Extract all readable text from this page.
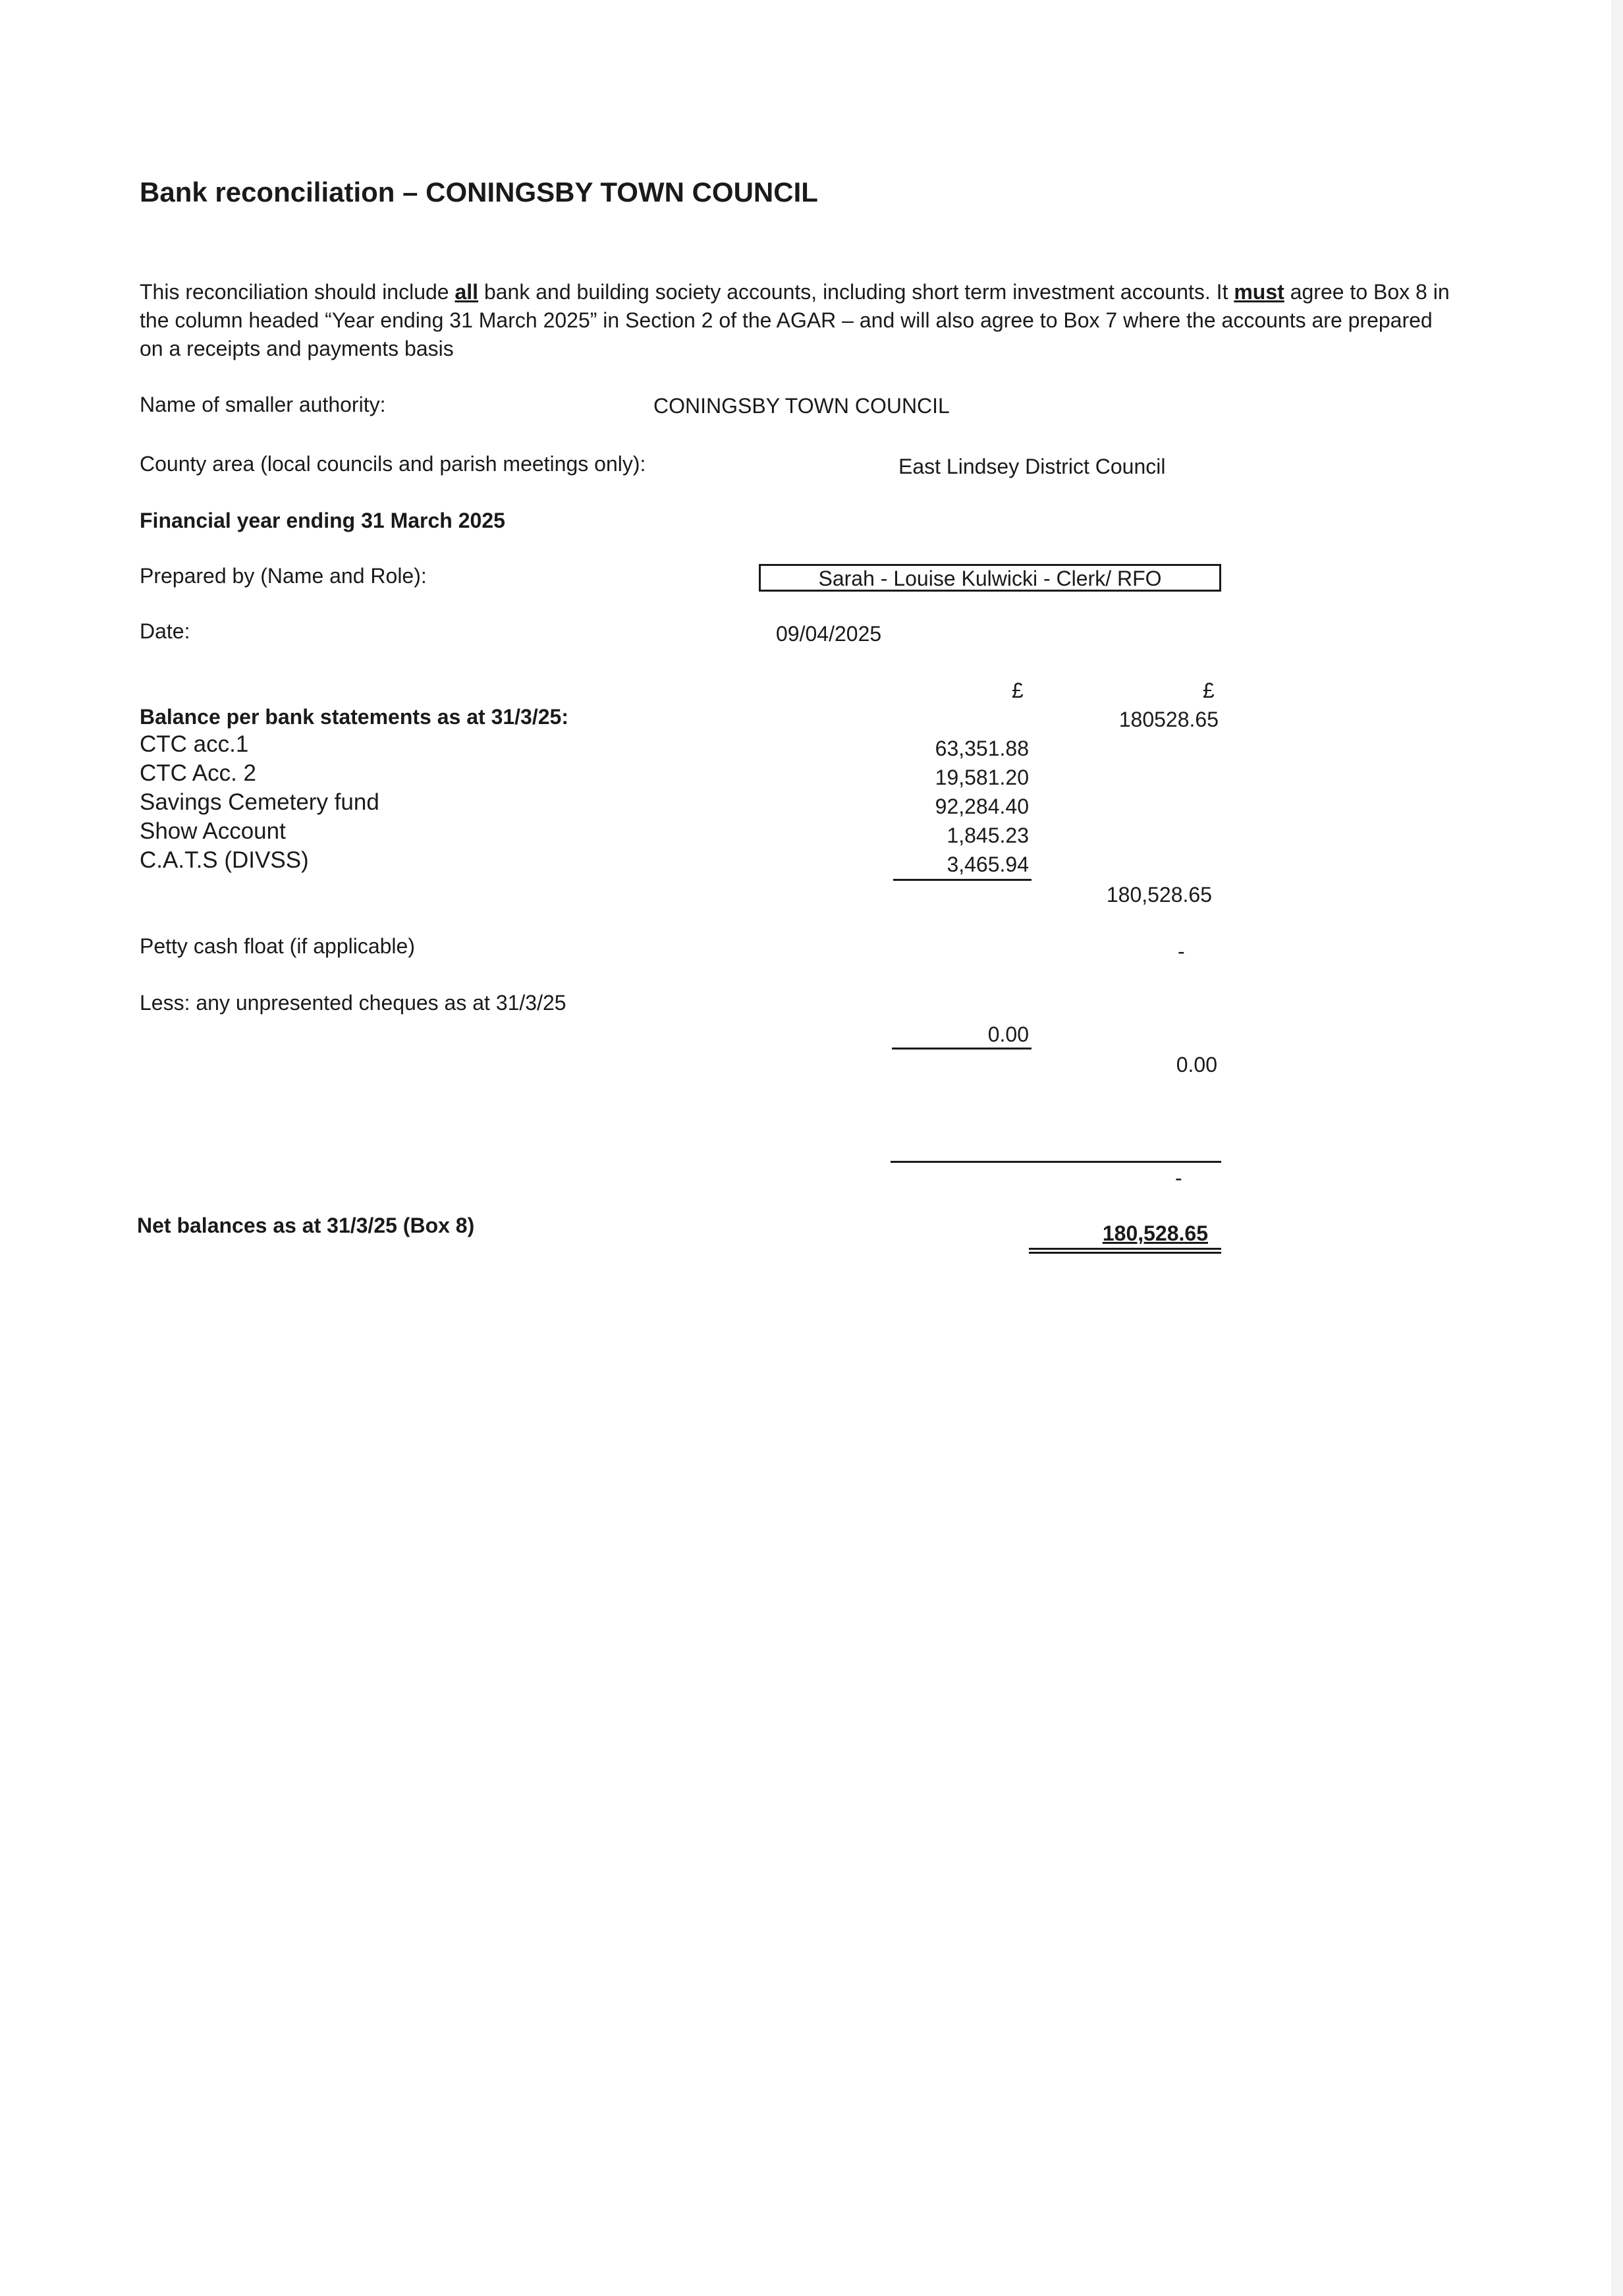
Bank reconciliation – CONINGSBY TOWN COUNCIL
This reconciliation should include all bank and building society accounts, including short term investment accounts. It must agree to Box 8 in the column headed “Year ending 31 March 2025” in Section 2 of the AGAR – and will also agree to Box 7 where the accounts are prepared on a receipts and payments basis
Name of smaller authority:	CONINGSBY TOWN COUNCIL
County area (local councils and parish meetings only):	East Lindsey District Council
Financial year ending 31 March 2025
Prepared by (Name and Role):	Sarah - Louise Kulwicki - Clerk/ RFO
Date:	09/04/2025
£	£
Balance per bank statements as at 31/3/25:	180528.65
CTC acc.1	63,351.88
CTC Acc. 2	19,581.20
Savings Cemetery fund	92,284.40
Show Account	1,845.23
C.A.T.S (DIVSS)	3,465.94
180,528.65
Petty cash float (if applicable)	-
Less: any unpresented cheques as at 31/3/25
0.00
0.00
-
Net balances as at 31/3/25 (Box 8)	180,528.65
